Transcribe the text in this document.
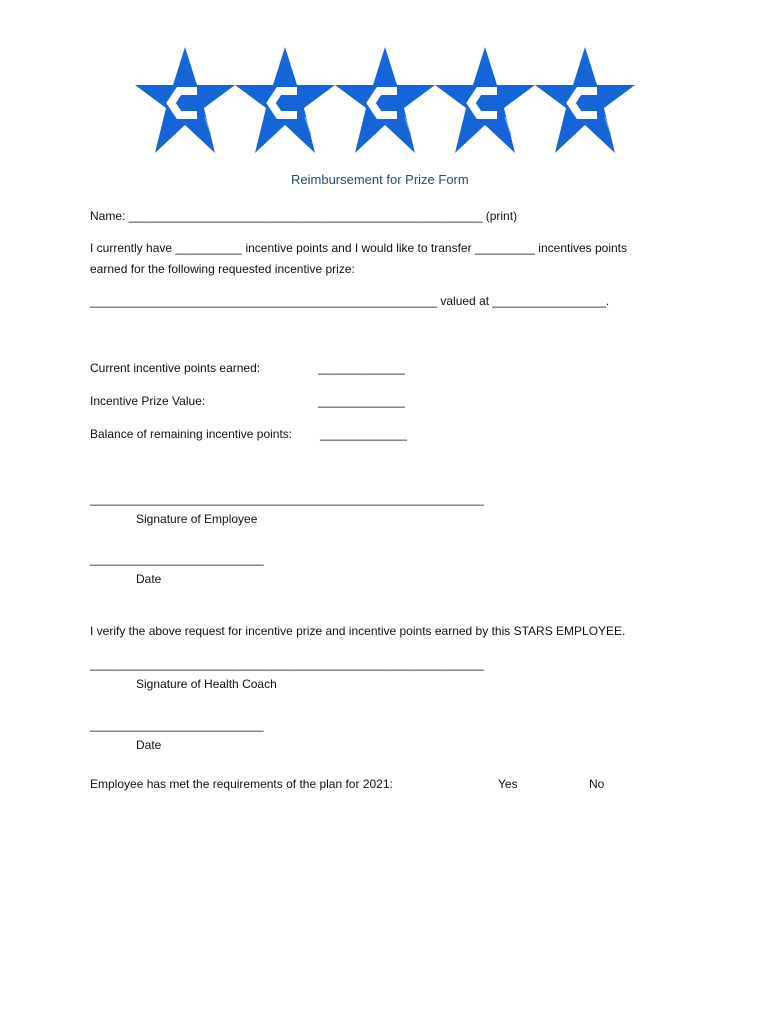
Reimbursement for Prize Form
Name: _____________________________________________________ (print)
I currently have __________ incentive points and I would like to transfer _________ incentives points
earned for the following requested incentive prize:
____________________________________________________ valued at _________________.
Current incentive points earned:	_____________
Incentive Prize Value:	_____________
Balance of remaining incentive points: _____________
___________________________________________________________
Signature of Employee
__________________________
Date
I verify the above request for incentive prize and incentive points earned by this STARS EMPLOYEE.
___________________________________________________________
Signature of Health Coach
__________________________
Date
Employee has met the requirements of the plan for 2021:	Yes	No
